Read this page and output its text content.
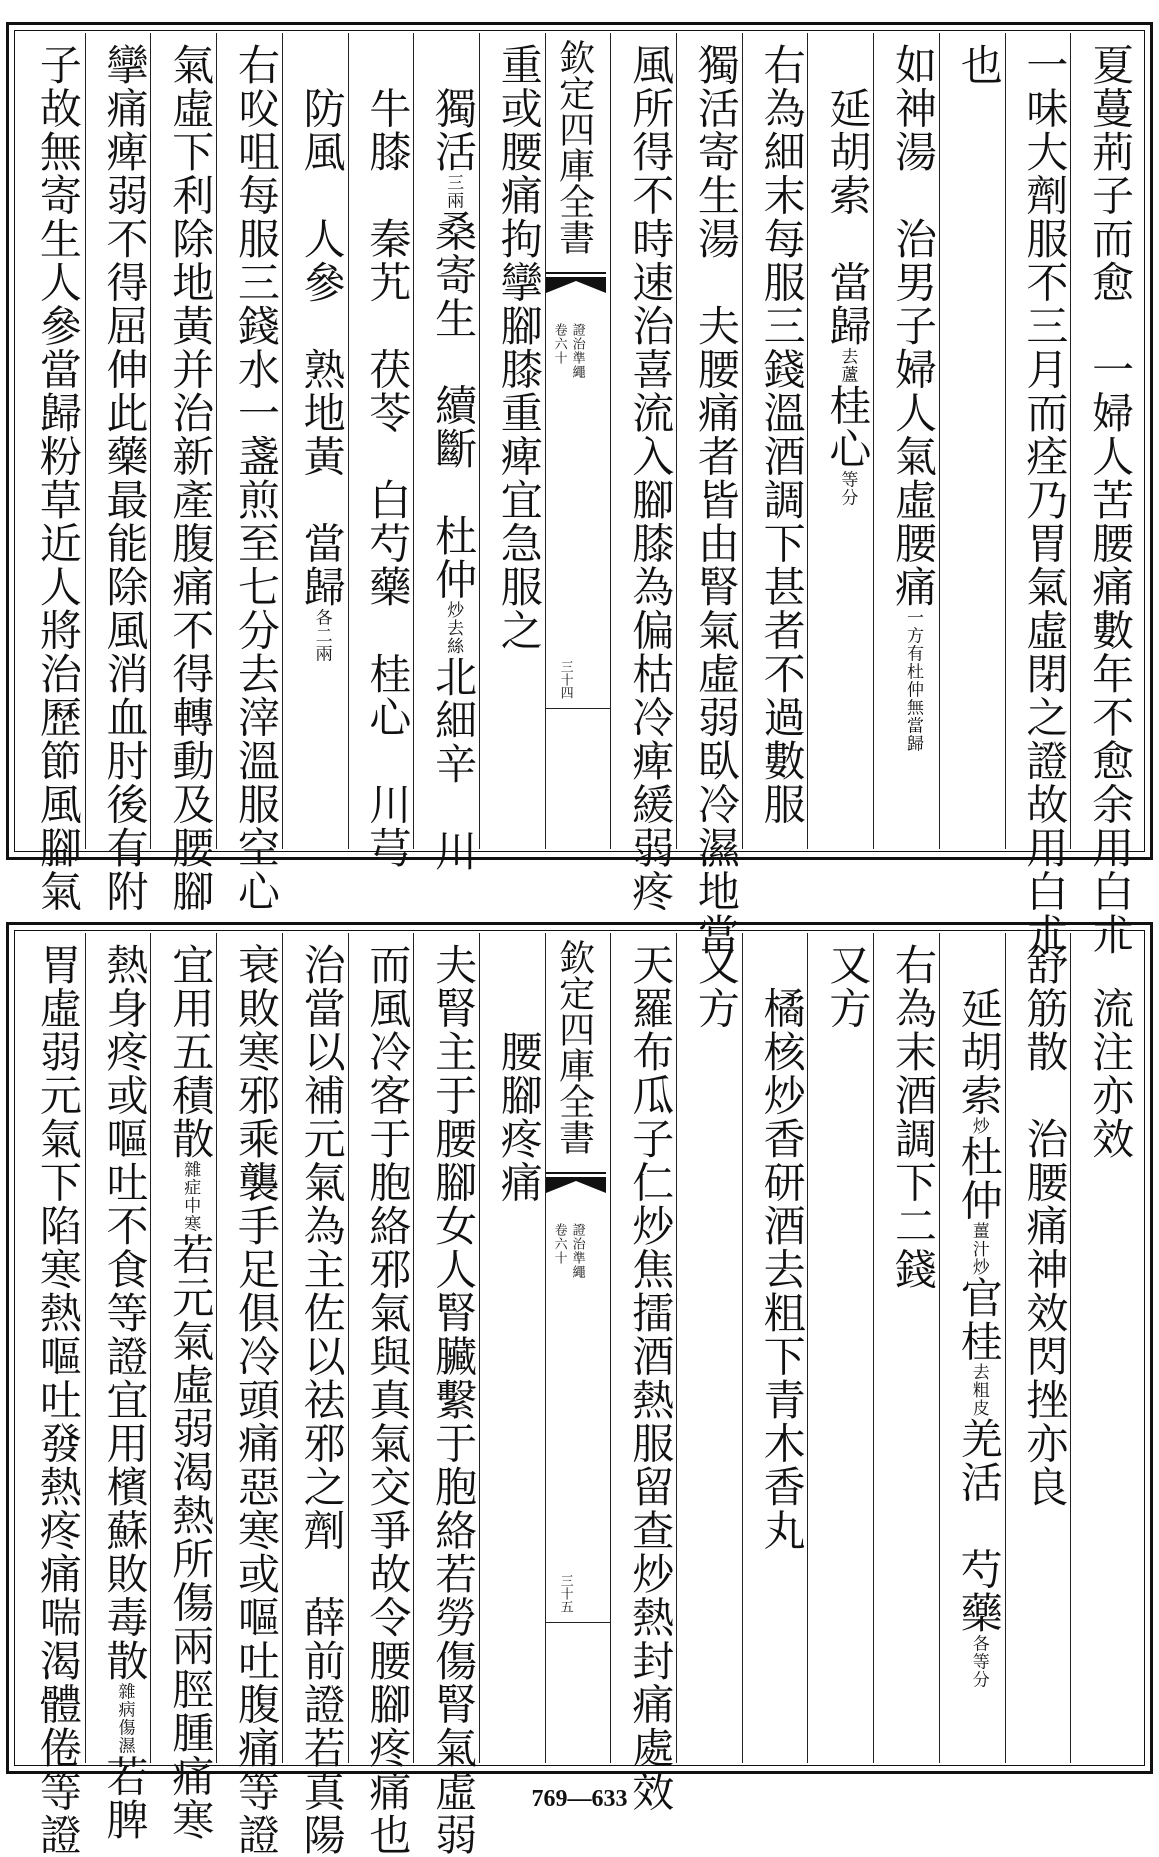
夏蔓荊子而愈　一婦人苦腰痛數年不愈余用白朮
一味大劑服不三月而痊乃胃氣虛閉之證故用白朮
也
如神湯　治男子婦人氣虛腰痛一方有杜仲無當歸
　延胡索　當歸去蘆桂心等分
右為細末每服三錢溫酒調下甚者不過數服
獨活寄生湯　夫腰痛者皆由腎氣虛弱臥冷濕地當
風所得不時速治喜流入腳膝為偏枯冷痺緩弱疼
欽定四庫全書
卷六十 證治準繩
三十四
重或腰痛拘攣腳膝重痺宜急服之
　獨活三兩桑寄生　續斷　杜仲炒去絲北細辛　川
　牛膝　秦艽　茯苓　白芍藥　桂心　川芎
　防風　人參　熟地黃　當歸各二兩
右㕮咀每服三錢水一盞煎至七分去滓溫服空心
氣虛下利除地黃并治新產腹痛不得轉動及腰腳
攣痛痺弱不得屈伸此藥最能除風消血肘後有附
子故無寄生人參當歸粉草近人將治歷節風腳氣
　流注亦效
舒筋散　治腰痛神效閃挫亦良
　延胡索炒杜仲薑汁炒官桂去粗皮羌活　芍藥各等分
右為末酒調下二錢
又方
　橘核炒香研酒去粗下青木香丸
又方
天羅布瓜子仁炒焦擂酒熱服留查炒熱封痛處效
欽定四庫全書
卷六十 證治準繩
三十五
　　腰腳疼痛
夫腎主于腰腳女人腎臟繫于胞絡若勞傷腎氣虛弱
而風冷客于胞絡邪氣與真氣交爭故令腰腳疼痛也
治當以補元氣為主佐以祛邪之劑　薛前證若真陽
衰敗寒邪乘襲手足俱冷頭痛惡寒或嘔吐腹痛等證
宜用五積散雜症中寒若元氣虛弱渴熱所傷兩脛腫痛寒
熱身疼或嘔吐不食等證宜用檳蘇敗毒散雜病傷濕若脾
胃虛弱元氣下陷寒熱嘔吐發熱疼痛喘渴體倦等證	769—633
